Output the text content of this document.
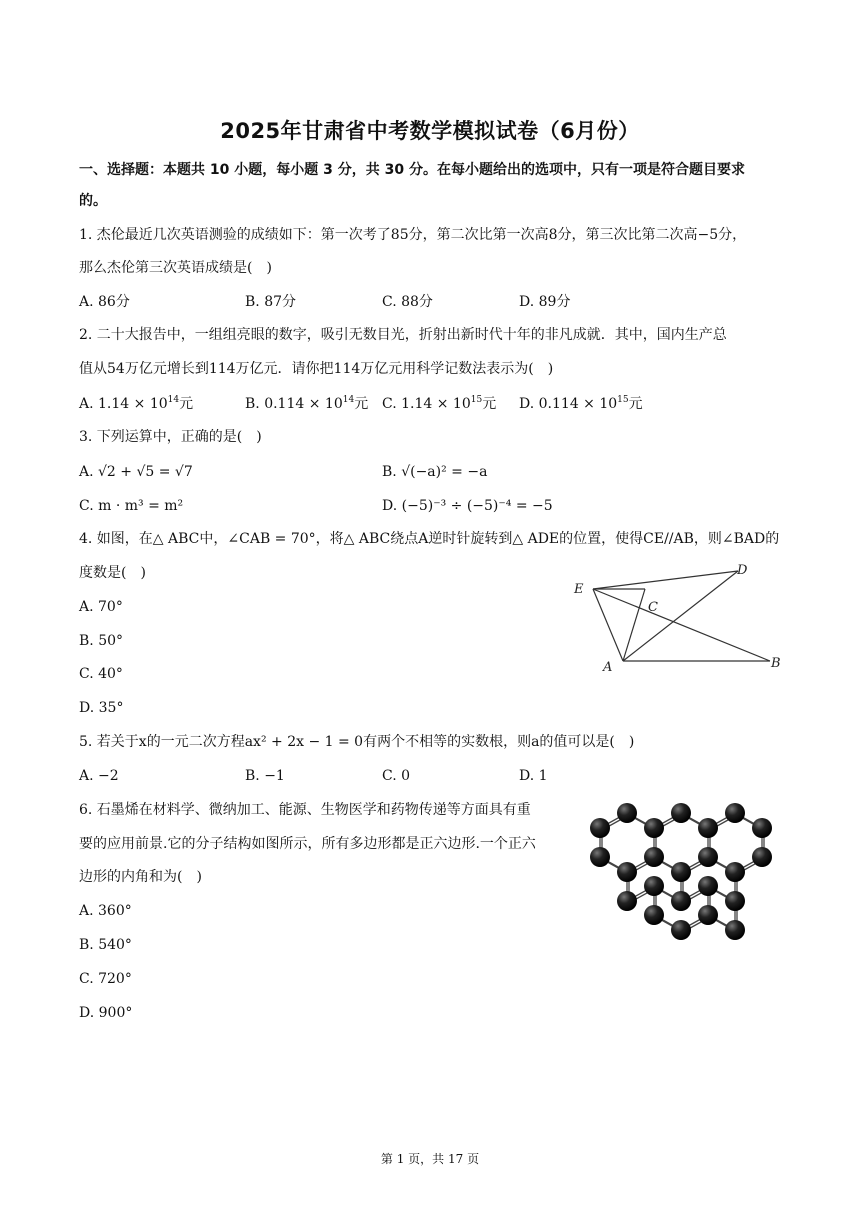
2025年甘肃省中考数学模拟试卷（6月份）
一、选择题：本题共 10 小题，每小题 3 分，共 30 分。在每小题给出的选项中，只有一项是符合题目要求
的。
1. 杰伦最近几次英语测验的成绩如下：第一次考了85分，第二次比第一次高8分，第三次比第二次高−5分，
那么杰伦第三次英语成绩是(　)
A. 86分	B. 87分	C. 88分	D. 89分
2. 二十大报告中，一组组亮眼的数字，吸引无数目光，折射出新时代十年的非凡成就．其中，国内生产总
值从54万亿元增长到114万亿元．请你把114万亿元用科学记数法表示为(　)
A. $1.14 \times 10^{14}$元	B. $0.114 \times 10^{14}$元 C. $1.14 \times 10^{15}$元 D. $0.114 \times 10^{15}$元
3. 下列运算中，正确的是(　)
A. √2 + √5 = √7	B. √(−a)² = −a
C. m · m³ = m²	D. (−5)⁻³ ÷ (−5)⁻⁴ = −5
4. 如图，在△ ABC中，∠CAB = 70°，将△ ABC绕点A逆时针旋转到△ ADE的位置，使得CE//AB，则∠BAD的
度数是(　)
A. 70°
B. 50°
C. 40°
D. 35°
E
C
D
A	B
5. 若关于x的一元二次方程ax² + 2x − 1 = 0有两个不相等的实数根，则a的值可以是(　)
A. −2	B. −1	C. 0	D. 1
6. 石墨烯在材料学、微纳加工、能源、生物医学和药物传递等方面具有重
要的应用前景.它的分子结构如图所示，所有多边形都是正六边形.一个正六
边形的内角和为(　)
A. 360°
B. 540°
C. 720°
D. 900°
第 1 页，共 17 页
